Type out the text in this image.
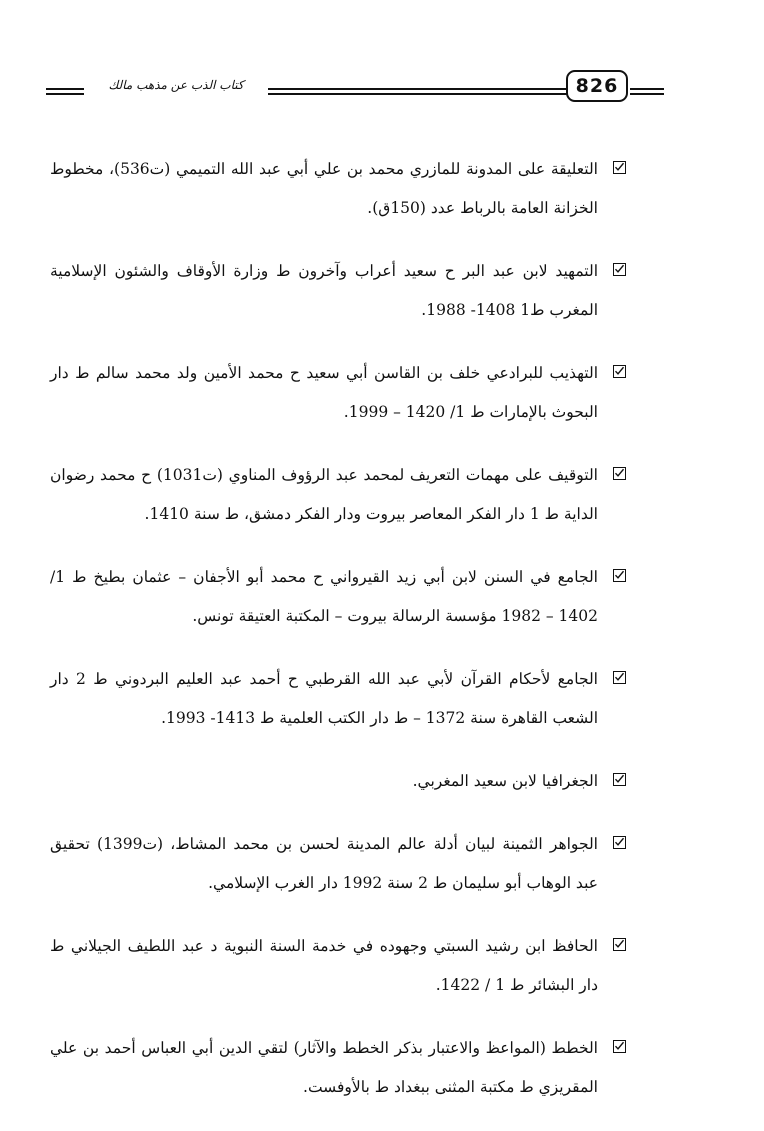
كتاب الذب عن مذهب مالك	826
التعليقة على المدونة للمازري محمد بن علي أبي عبد الله التميمي (ت536)، مخطوط الخزانة العامة بالرباط عدد (150ق).
التمهيد لابن عبد البر ح سعيد أعراب وآخرون ط وزارة الأوقاف والشئون الإسلامية المغرب ط1 1408- 1988.
التهذيب للبرادعي خلف بن القاسن أبي سعيد ح محمد الأمين ولد محمد سالم ط دار البحوث بالإمارات ط 1/ 1420 – 1999.
التوقيف على مهمات التعريف لمحمد عبد الرؤوف المناوي (ت1031) ح محمد رضوان الداية ط 1 دار الفكر المعاصر بيروت ودار الفكر دمشق، ط سنة 1410.
الجامع في السنن لابن أبي زيد القيرواني ح محمد أبو الأجفان – عثمان بطيخ ط 1/ 1402 – 1982 مؤسسة الرسالة بيروت – المكتبة العتيقة تونس.
الجامع لأحكام القرآن لأبي عبد الله القرطبي ح أحمد عبد العليم البردوني ط 2 دار الشعب القاهرة سنة 1372 – ط دار الكتب العلمية ط 1413- 1993.
الجغرافيا لابن سعيد المغربي.
الجواهر الثمينة لبيان أدلة عالم المدينة لحسن بن محمد المشاط، (ت1399) تحقيق عبد الوهاب أبو سليمان ط 2 سنة 1992 دار الغرب الإسلامي.
الحافظ ابن رشيد السبتي وجهوده في خدمة السنة النبوية د عبد اللطيف الجيلاني ط دار البشائر ط 1 / 1422.
الخطط (المواعظ والاعتبار بذكر الخطط والآثار) لتقي الدين أبي العباس أحمد بن علي المقريزي ط مكتبة المثنى ببغداد ط بالأوفست.
